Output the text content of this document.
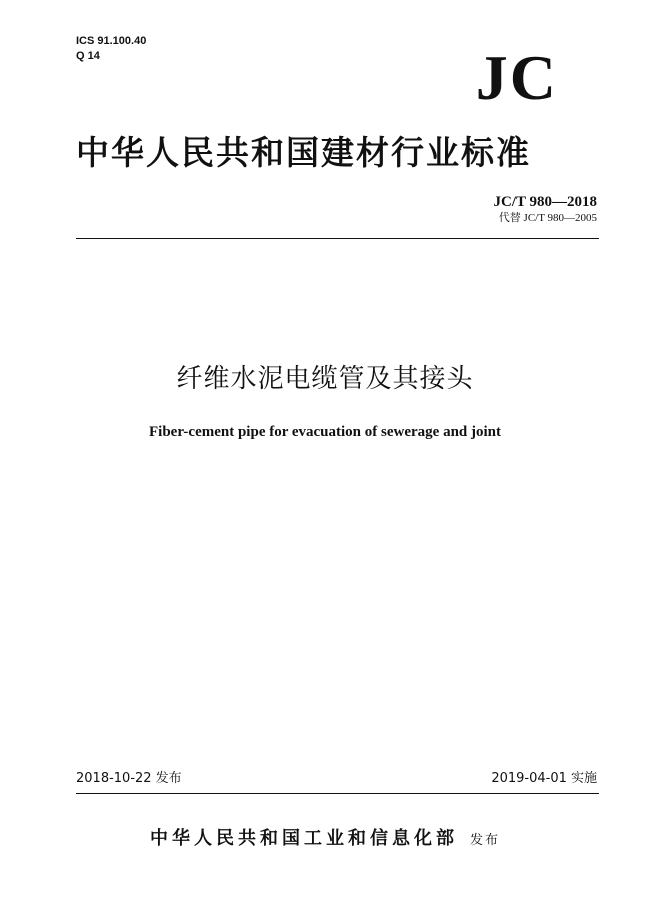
ICS 91.100.40
Q 14	JC
中华人民共和国建材行业标准
JC/T 980—2018
代替 JC/T 980—2005
纤维水泥电缆管及其接头
Fiber-cement pipe for evacuation of sewerage and joint
2018-10-22 发布	2019-04-01 实施
中华人民共和国工业和信息化部 发布
